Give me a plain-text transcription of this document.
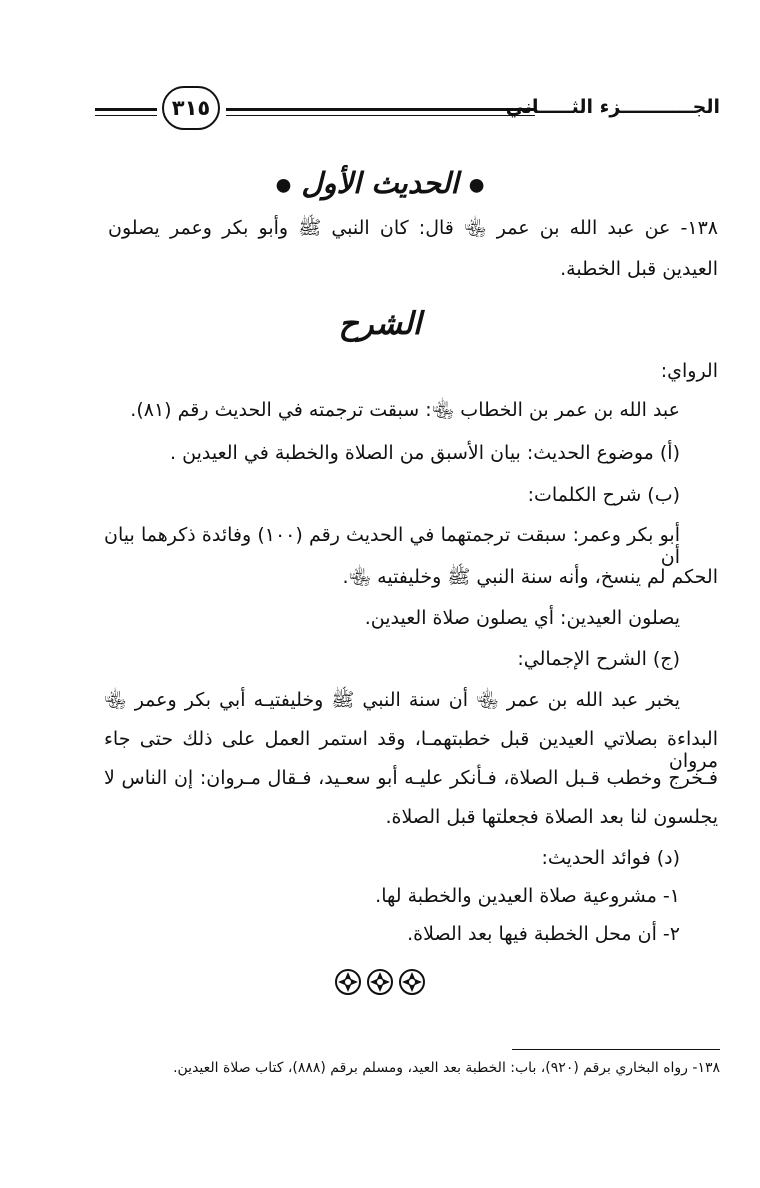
٣١٥	الجـــــــــــزء الثـــــاني
● الحديث الأول ●
١٣٨- عن عبد الله بن عمر ﵄ قال: كان النبي ﷺ وأبو بكر وعمر يصلون
العيدين قبل الخطبة.
الشرح
الرواي:
عبد الله بن عمر بن الخطاب ﵄: سبقت ترجمته في الحديث رقم (٨١).
(أ) موضوع الحديث: بيان الأسبق من الصلاة والخطبة في العيدين .
(ب) شرح الكلمات:
أبو بكر وعمر: سبقت ترجمتهما في الحديث رقم (١٠٠) وفائدة ذكرهما بيان أن
الحكم لم ينسخ، وأنه سنة النبي ﷺ وخليفتيه ﵄.
يصلون العيدين: أي يصلون صلاة العيدين.
(ج) الشرح الإجمالي:
يخبر عبد الله بن عمر ﵄ أن سنة النبي ﷺ وخليفتيـه أبي بكر وعمر ﵄
البداءة بصلاتي العيدين قبل خطبتهمـا، وقد استمر العمل على ذلك حتى جاء مروان
فـخرج وخطب قـبل الصلاة، فـأنكر عليـه أبو سعـيد، فـقال مـروان: إن الناس لا
يجلسون لنا بعد الصلاة فجعلتها قبل الصلاة.
(د) فوائد الحديث:
١- مشروعية صلاة العيدين والخطبة لها.
٢- أن محل الخطبة فيها بعد الصلاة.
١٣٨- رواه البخاري برقم (٩٢٠)، باب: الخطبة بعد العيد، ومسلم برقم (٨٨٨)، كتاب صلاة العيدين.
